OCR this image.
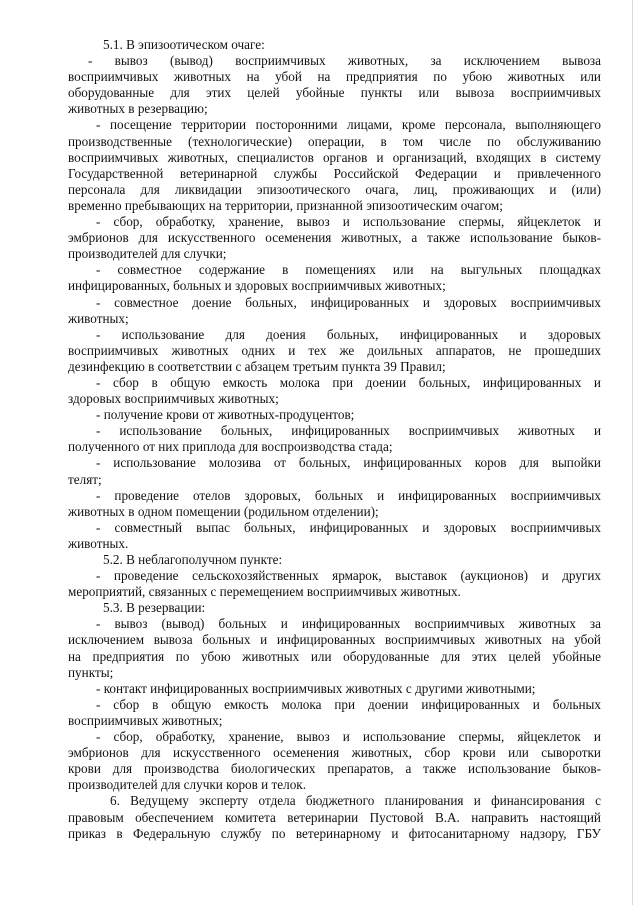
5.1. В эпизоотическом очаге:
- вывоз (вывод) восприимчивых животных, за исключением вывоза
восприимчивых животных на убой на предприятия по убою животных или
оборудованные для этих целей убойные пункты или вывоза восприимчивых
животных в резервацию;
- посещение территории посторонними лицами, кроме персонала, выполняющего
производственные (технологические) операции, в том числе по обслуживанию
восприимчивых животных, специалистов органов и организаций, входящих в систему
Государственной ветеринарной службы Российской Федерации и привлеченного
персонала для ликвидации эпизоотического очага, лиц, проживающих и (или)
временно пребывающих на территории, признанной эпизоотическим очагом;
- сбор, обработку, хранение, вывоз и использование спермы, яйцеклеток и
эмбрионов для искусственного осеменения животных, а также использование быков-
производителей для случки;
- совместное содержание в помещениях или на выгульных площадках
инфицированных, больных и здоровых восприимчивых животных;
- совместное доение больных, инфицированных и здоровых восприимчивых
животных;
- использование для доения больных, инфицированных и здоровых
восприимчивых животных одних и тех же доильных аппаратов, не прошедших
дезинфекцию в соответствии с абзацем третьим пункта 39 Правил;
- сбор в общую емкость молока при доении больных, инфицированных и
здоровых восприимчивых животных;
- получение крови от животных-продуцентов;
- использование больных, инфицированных восприимчивых животных и
полученного от них приплода для воспроизводства стада;
- использование молозива от больных, инфицированных коров для выпойки
телят;
- проведение отелов здоровых, больных и инфицированных восприимчивых
животных в одном помещении (родильном отделении);
- совместный выпас больных, инфицированных и здоровых восприимчивых
животных.
5.2. В неблагополучном пункте:
- проведение сельскохозяйственных ярмарок, выставок (аукционов) и других
мероприятий, связанных с перемещением восприимчивых животных.
5.3. В резервации:
- вывоз (вывод) больных и инфицированных восприимчивых животных за
исключением вывоза больных и инфицированных восприимчивых животных на убой
на предприятия по убою животных или оборудованные для этих целей убойные
пункты;
- контакт инфицированных восприимчивых животных с другими животными;
- сбор в общую емкость молока при доении инфицированных и больных
восприимчивых животных;
- сбор, обработку, хранение, вывоз и использование спермы, яйцеклеток и
эмбрионов для искусственного осеменения животных, сбор крови или сыворотки
крови для производства биологических препаратов, а также использование быков-
производителей для случки коров и телок.
6. Ведущему эксперту отдела бюджетного планирования и финансирования с
правовым обеспечением комитета ветеринарии Пустовой В.А. направить настоящий
приказ в Федеральную службу по ветеринарному и фитосанитарному надзору, ГБУ
